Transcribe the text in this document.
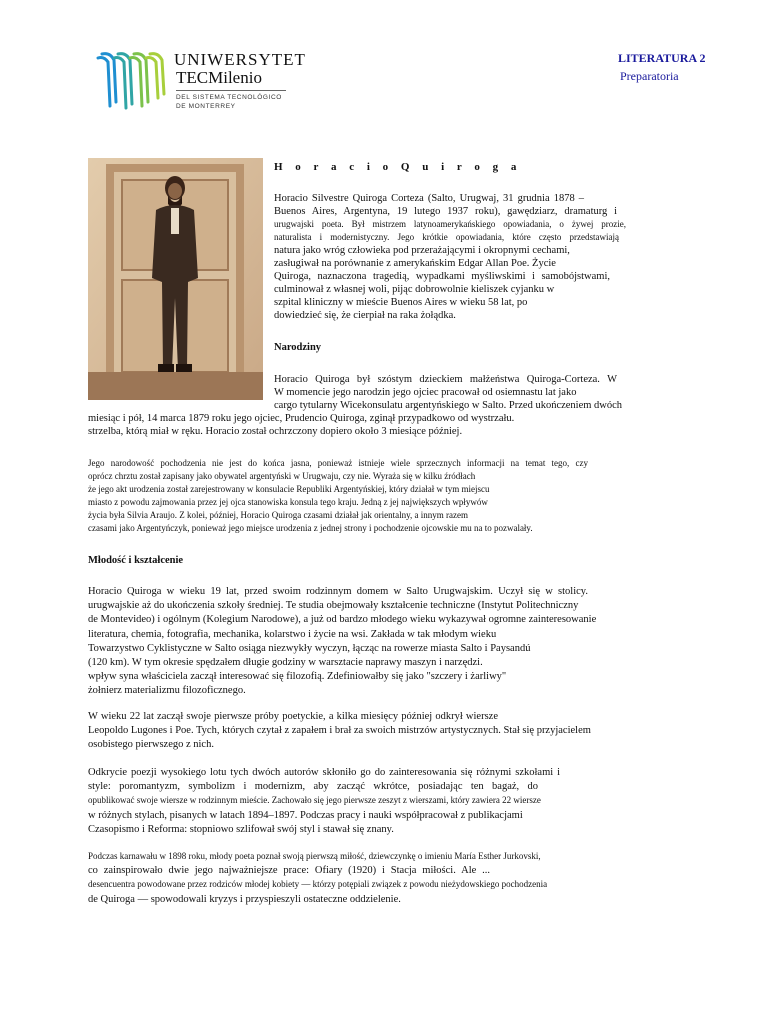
UNIWERSYTET
TECMilenio
DEL SISTEMA TECNOLÓGICO
DE MONTERREY
LITERATURA 2
Preparatoria
H o r a c i o Q u i r o g a
Horacio Silvestre Quiroga Corteza (Salto, Urugwaj, 31 grudnia 1878 –
Buenos Aires, Argentyna, 19 lutego 1937 roku), gawędziarz, dramaturg i
urugwajski poeta. Był mistrzem latynoamerykańskiego opowiadania, o żywej prozie,
naturalista i modernistyczny. Jego krótkie opowiadania, które często przedstawiają
natura jako wróg człowieka pod przerażającymi i okropnymi cechami,
zasługiwał na porównanie z amerykańskim Edgar Allan Poe. Życie
Quiroga, naznaczona tragedią, wypadkami myśliwskimi i samobójstwami,
culminował z własnej woli, pijąc dobrowolnie kieliszek cyjanku w
szpital kliniczny w mieście Buenos Aires w wieku 58 lat, po
dowiedzieć się, że cierpiał na raka żołądka.
Narodziny
Horacio Quiroga był szóstym dzieckiem małżeństwa Quiroga-Corteza. W
W momencie jego narodzin jego ojciec pracował od osiemnastu lat jako
cargo tytularny Wicekonsulatu argentyńskiego w Salto. Przed ukończeniem dwóch
miesiąc i pół, 14 marca 1879 roku jego ojciec, Prudencio Quiroga, zginął przypadkowo od wystrzału.
strzelba, którą miał w ręku. Horacio został ochrzczony dopiero około 3 miesiące później.
Jego narodowość pochodzenia nie jest do końca jasna, ponieważ istnieje wiele sprzecznych informacji na temat tego, czy
oprócz chrztu został zapisany jako obywatel argentyński w Urugwaju, czy nie. Wyraża się w kilku źródłach
że jego akt urodzenia został zarejestrowany w konsulacie Republiki Argentyńskiej, który działał w tym miejscu
miasto z powodu zajmowania przez jej ojca stanowiska konsula tego kraju. Jedną z jej największych wpływów
życia była Silvia Araujo. Z kolei, później, Horacio Quiroga czasami działał jak orientalny, a innym razem
czasami jako Argentyńczyk, ponieważ jego miejsce urodzenia z jednej strony i pochodzenie ojcowskie mu na to pozwalały.
Młodość i kształcenie
Horacio Quiroga w wieku 19 lat, przed swoim rodzinnym domem w Salto Urugwajskim. Uczył się w stolicy.
urugwajskie aż do ukończenia szkoły średniej. Te studia obejmowały kształcenie techniczne (Instytut Politechniczny
de Montevideo) i ogólnym (Kolegium Narodowe), a już od bardzo młodego wieku wykazywał ogromne zainteresowanie
literatura, chemia, fotografia, mechanika, kolarstwo i życie na wsi. Zakłada w tak młodym wieku
Towarzystwo Cyklistyczne w Salto osiąga niezwykły wyczyn, łącząc na rowerze miasta Salto i Paysandú
(120 km). W tym okresie spędzałem długie godziny w warsztacie naprawy maszyn i narzędzi.
wpływ syna właściciela zaczął interesować się filozofią. Zdefiniowałby się jako "szczery i żarliwy"
żołnierz materializmu filozoficznego.
W wieku 22 lat zaczął swoje pierwsze próby poetyckie, a kilka miesięcy później odkrył wiersze
Leopoldo Lugones i Poe. Tych, których czytał z zapałem i brał za swoich mistrzów artystycznych. Stał się przyjacielem
osobistego pierwszego z nich.
Odkrycie poezji wysokiego lotu tych dwóch autorów skłoniło go do zainteresowania się różnymi szkołami i
style: poromantyzm, symbolizm i modernizm, aby zacząć wkrótce, posiadając ten bagaż, do
opublikować swoje wiersze w rodzinnym mieście. Zachowało się jego pierwsze zeszyt z wierszami, który zawiera 22 wiersze
w różnych stylach, pisanych w latach 1894–1897. Podczas pracy i nauki współpracował z publikacjami
Czasopismo i Reforma: stopniowo szlifował swój styl i stawał się znany.
Podczas karnawału w 1898 roku, młody poeta poznał swoją pierwszą miłość, dziewczynkę o imieniu María Esther Jurkovski,
co zainspirowało dwie jego najważniejsze prace: Ofiary (1920) i Stacja miłości. Ale ...
desencuentra powodowane przez rodziców młodej kobiety — którzy potępiali związek z powodu nieżydowskiego pochodzenia
de Quiroga — spowodowali kryzys i przyspieszyli ostateczne oddzielenie.
